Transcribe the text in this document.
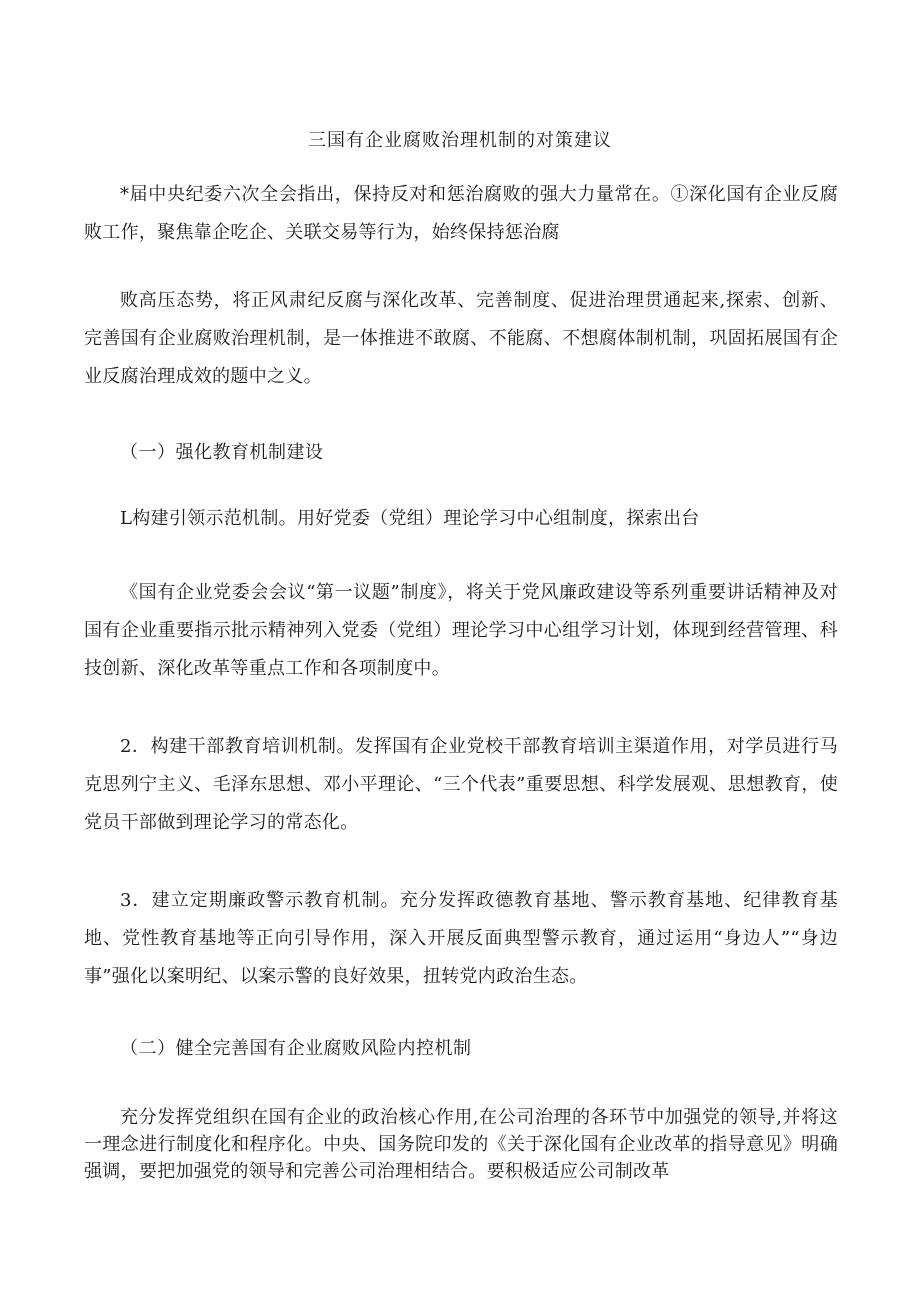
三国有企业腐败治理机制的对策建议

*届中央纪委六次全会指出，保持反对和惩治腐败的强大力量常在。①深化国有企业反腐败工作，聚焦靠企吃企、关联交易等行为，始终保持惩治腐

败高压态势，将正风肃纪反腐与深化改革、完善制度、促进治理贯通起来,探索、创新、完善国有企业腐败治理机制，是一体推进不敢腐、不能腐、不想腐体制机制，巩固拓展国有企业反腐治理成效的题中之义。

（一）强化教育机制建设

L构建引领示范机制。用好党委（党组）理论学习中心组制度，探索出台

《国有企业党委会会议“第一议题”制度》，将关于党风廉政建设等系列重要讲话精神及对国有企业重要指示批示精神列入党委（党组）理论学习中心组学习计划，体现到经营管理、科技创新、深化改革等重点工作和各项制度中。

2．构建干部教育培训机制。发挥国有企业党校干部教育培训主渠道作用，对学员进行马克思列宁主义、毛泽东思想、邓小平理论、“三个代表”重要思想、科学发展观、思想教育，使党员干部做到理论学习的常态化。

3．建立定期廉政警示教育机制。充分发挥政德教育基地、警示教育基地、纪律教育基地、党性教育基地等正向引导作用，深入开展反面典型警示教育，通过运用“身边人”“身边事”强化以案明纪、以案示警的良好效果，扭转党内政治生态。

（二）健全完善国有企业腐败风险内控机制

充分发挥党组织在国有企业的政治核心作用,在公司治理的各环节中加强党的领导,并将这一理念进行制度化和程序化。中央、国务院印发的《关于深化国有企业改革的指导意见》明确强调，要把加强党的领导和完善公司治理相结合。要积极适应公司制改革
